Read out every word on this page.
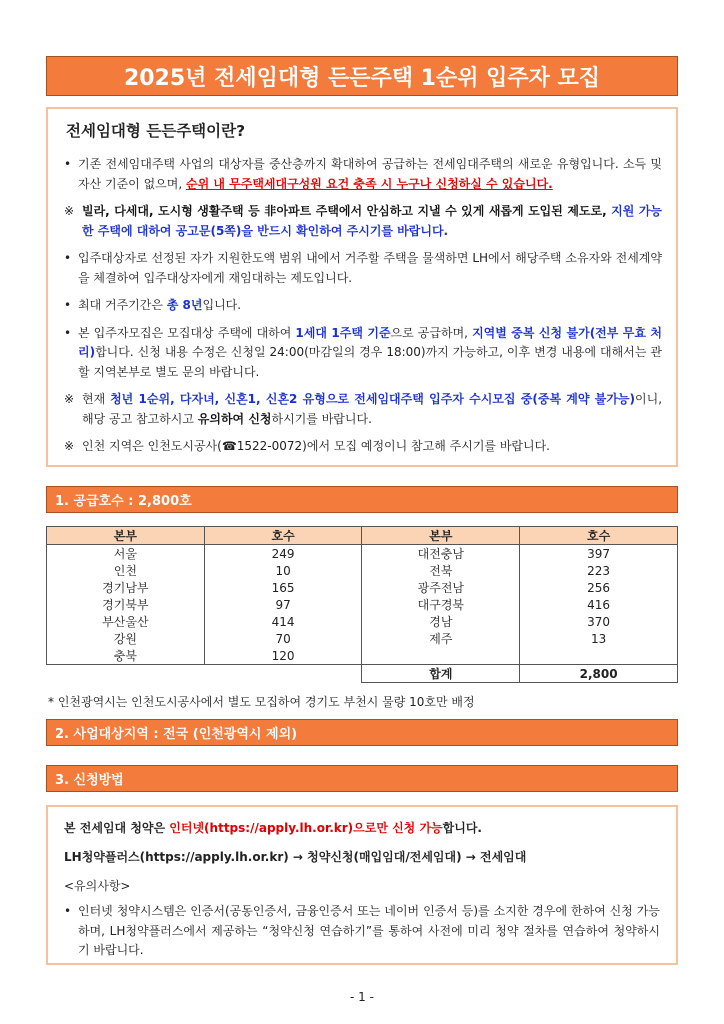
2025년 전세임대형 든든주택 1순위 입주자 모집
전세임대형 든든주택이란?
• 기존 전세임대주택 사업의 대상자를 중산층까지 확대하여 공급하는 전세임대주택의 새로운 유형입니다. 소득 및 자산 기준이 없으며, 순위 내 무주택세대구성원 요건 충족 시 누구나 신청하실 수 있습니다.
※ 빌라, 다세대, 도시형 생활주택 등 非아파트 주택에서 안심하고 지낼 수 있게 새롭게 도입된 제도로, 지원 가능한 주택에 대하여 공고문(5쪽)을 반드시 확인하여 주시기를 바랍니다.
• 입주대상자로 선정된 자가 지원한도액 범위 내에서 거주할 주택을 물색하면 LH에서 해당주택 소유자와 전세계약을 체결하여 입주대상자에게 재임대하는 제도입니다.
• 최대 거주기간은 총 8년입니다.
• 본 입주자모집은 모집대상 주택에 대하여 1세대 1주택 기준으로 공급하며, 지역별 중복 신청 불가(전부 무효 처리)합니다. 신청 내용 수정은 신청일 24:00(마감일의 경우 18:00)까지 가능하고, 이후 변경 내용에 대해서는 관할 지역본부로 별도 문의 바랍니다.
※ 현재 청년 1순위, 다자녀, 신혼1, 신혼2 유형으로 전세임대주택 입주자 수시모집 중(중복 계약 불가능)이니, 해당 공고 참고하시고 유의하여 신청하시기를 바랍니다.
※ 인천 지역은 인천도시공사(☎1522-0072)에서 모집 예정이니 참고해 주시기를 바랍니다.
1. 공급호수 : 2,800호
본부	호수	본부	호수
서울	249	대전충남	397
인천	10	전북	223
경기남부	165	광주전남	256
경기북부	97	대구경북	416
부산울산	414	경남	370
강원	70	제주	13
충북	120		
		합계	2,800
* 인천광역시는 인천도시공사에서 별도 모집하여 경기도 부천시 물량 10호만 배정
2. 사업대상지역 : 전국 (인천광역시 제외)
3. 신청방법
본 전세임대 청약은 인터넷(https://apply.lh.or.kr)으로만 신청 가능합니다.
LH청약플러스(https://apply.lh.or.kr) → 청약신청(매입임대/전세임대) → 전세임대
<유의사항>
• 인터넷 청약시스템은 인증서(공동인증서, 금융인증서 또는 네이버 인증서 등)를 소지한 경우에 한하여 신청 가능하며, LH청약플러스에서 제공하는 “청약신청 연습하기”를 통하여 사전에 미리 청약 절차를 연습하여 청약하시기 바랍니다.
- 1 -
